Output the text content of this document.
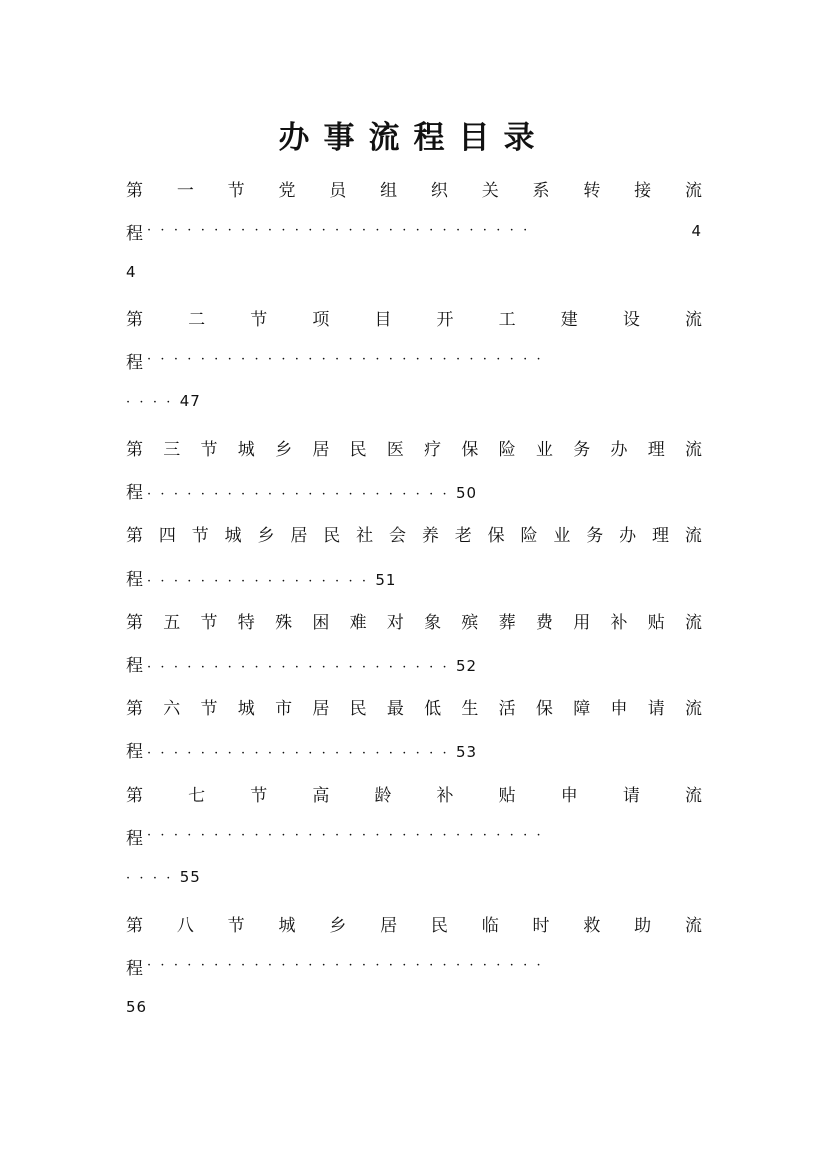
办事流程目录
第 一 节 党 员 组 织 关 系 转 接 流
程 ·····························	4
4
第	二	节	项	目	开	工	建	设	流
程 ······························
····47
第 三 节 城 乡 居 民 医 疗 保 险 业 务 办 理 流
程 ·······················50
第 四 节 城 乡 居 民 社 会 养 老 保 险 业 务 办 理 流
程 ·················51
第 五 节 特 殊 困 难 对 象 殡 葬 费 用 补 贴 流
程 ·······················52
第 六 节 城 市 居 民 最 低 生 活 保 障 申 请 流
程 ·······················53
第	七	节	高	龄	补	贴	申	请	流
程 ······························
····55
第 八 节 城 乡 居 民 临 时 救 助 流
程 ······························
56
